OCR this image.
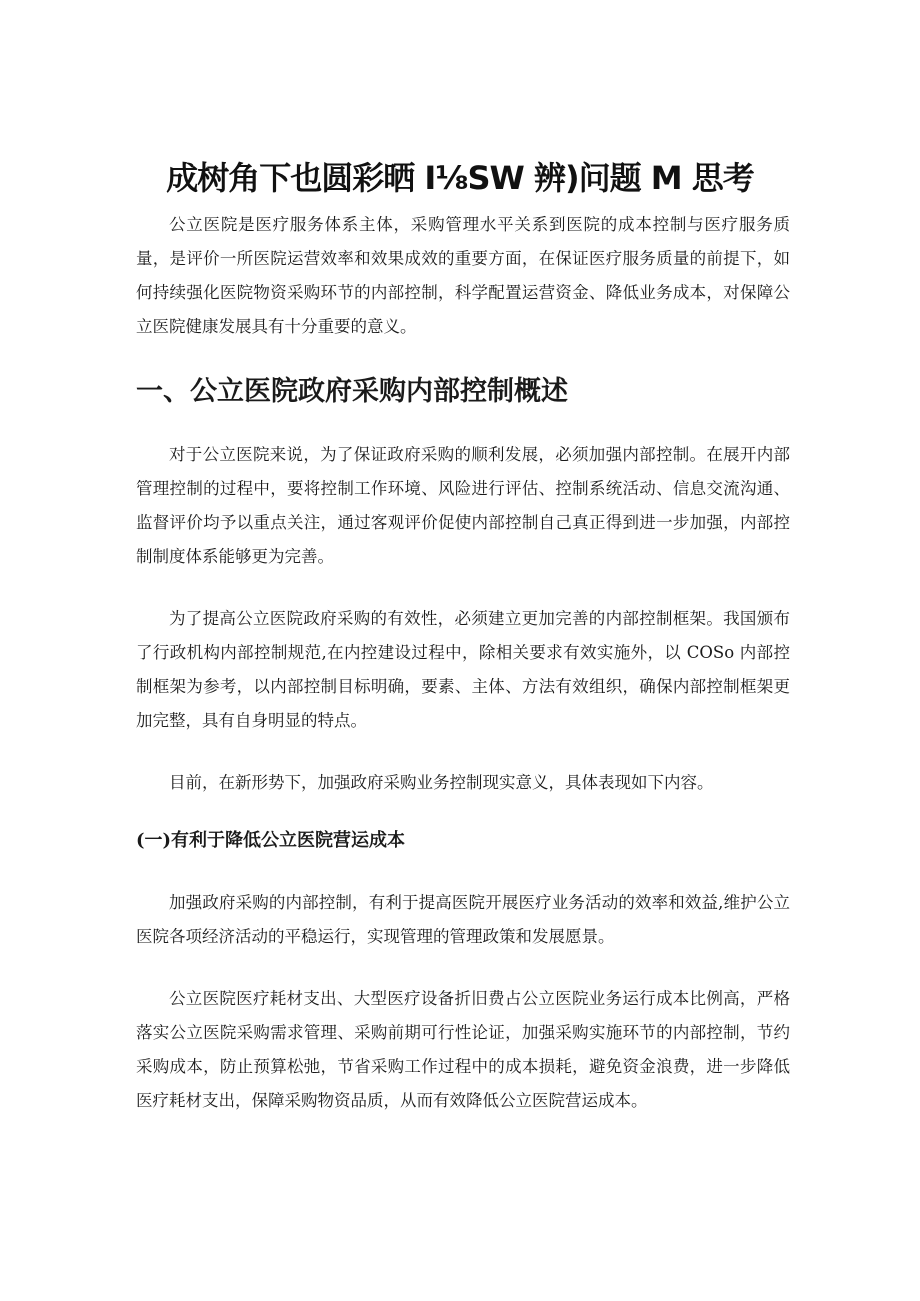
成树角下也圆彩晒 I⅛SW 辨)问题 M 思考

公立医院是医疗服务体系主体，采购管理水平关系到医院的成本控制与医疗服务质量，是评价一所医院运营效率和效果成效的重要方面，在保证医疗服务质量的前提下，如何持续强化医院物资采购环节的内部控制，科学配置运营资金、降低业务成本，对保障公立医院健康发展具有十分重要的意义。

一、公立医院政府采购内部控制概述

对于公立医院来说，为了保证政府采购的顺利发展，必须加强内部控制。在展开内部管理控制的过程中，要将控制工作环境、风险进行评估、控制系统活动、信息交流沟通、监督评价均予以重点关注，通过客观评价促使内部控制自己真正得到进一步加强，内部控制制度体系能够更为完善。

为了提高公立医院政府采购的有效性，必须建立更加完善的内部控制框架。我国颁布了行政机构内部控制规范,在内控建设过程中，除相关要求有效实施外，以 COSo 内部控制框架为参考，以内部控制目标明确，要素、主体、方法有效组织，确保内部控制框架更加完整，具有自身明显的特点。

目前，在新形势下，加强政府采购业务控制现实意义，具体表现如下内容。

(一)有利于降低公立医院营运成本

加强政府采购的内部控制，有利于提高医院开展医疗业务活动的效率和效益,维护公立医院各项经济活动的平稳运行，实现管理的管理政策和发展愿景。

公立医院医疗耗材支出、大型医疗设备折旧费占公立医院业务运行成本比例高，严格落实公立医院采购需求管理、采购前期可行性论证，加强采购实施环节的内部控制，节约采购成本，防止预算松弛，节省采购工作过程中的成本损耗，避免资金浪费，进一步降低医疗耗材支出，保障采购物资品质，从而有效降低公立医院营运成本。
